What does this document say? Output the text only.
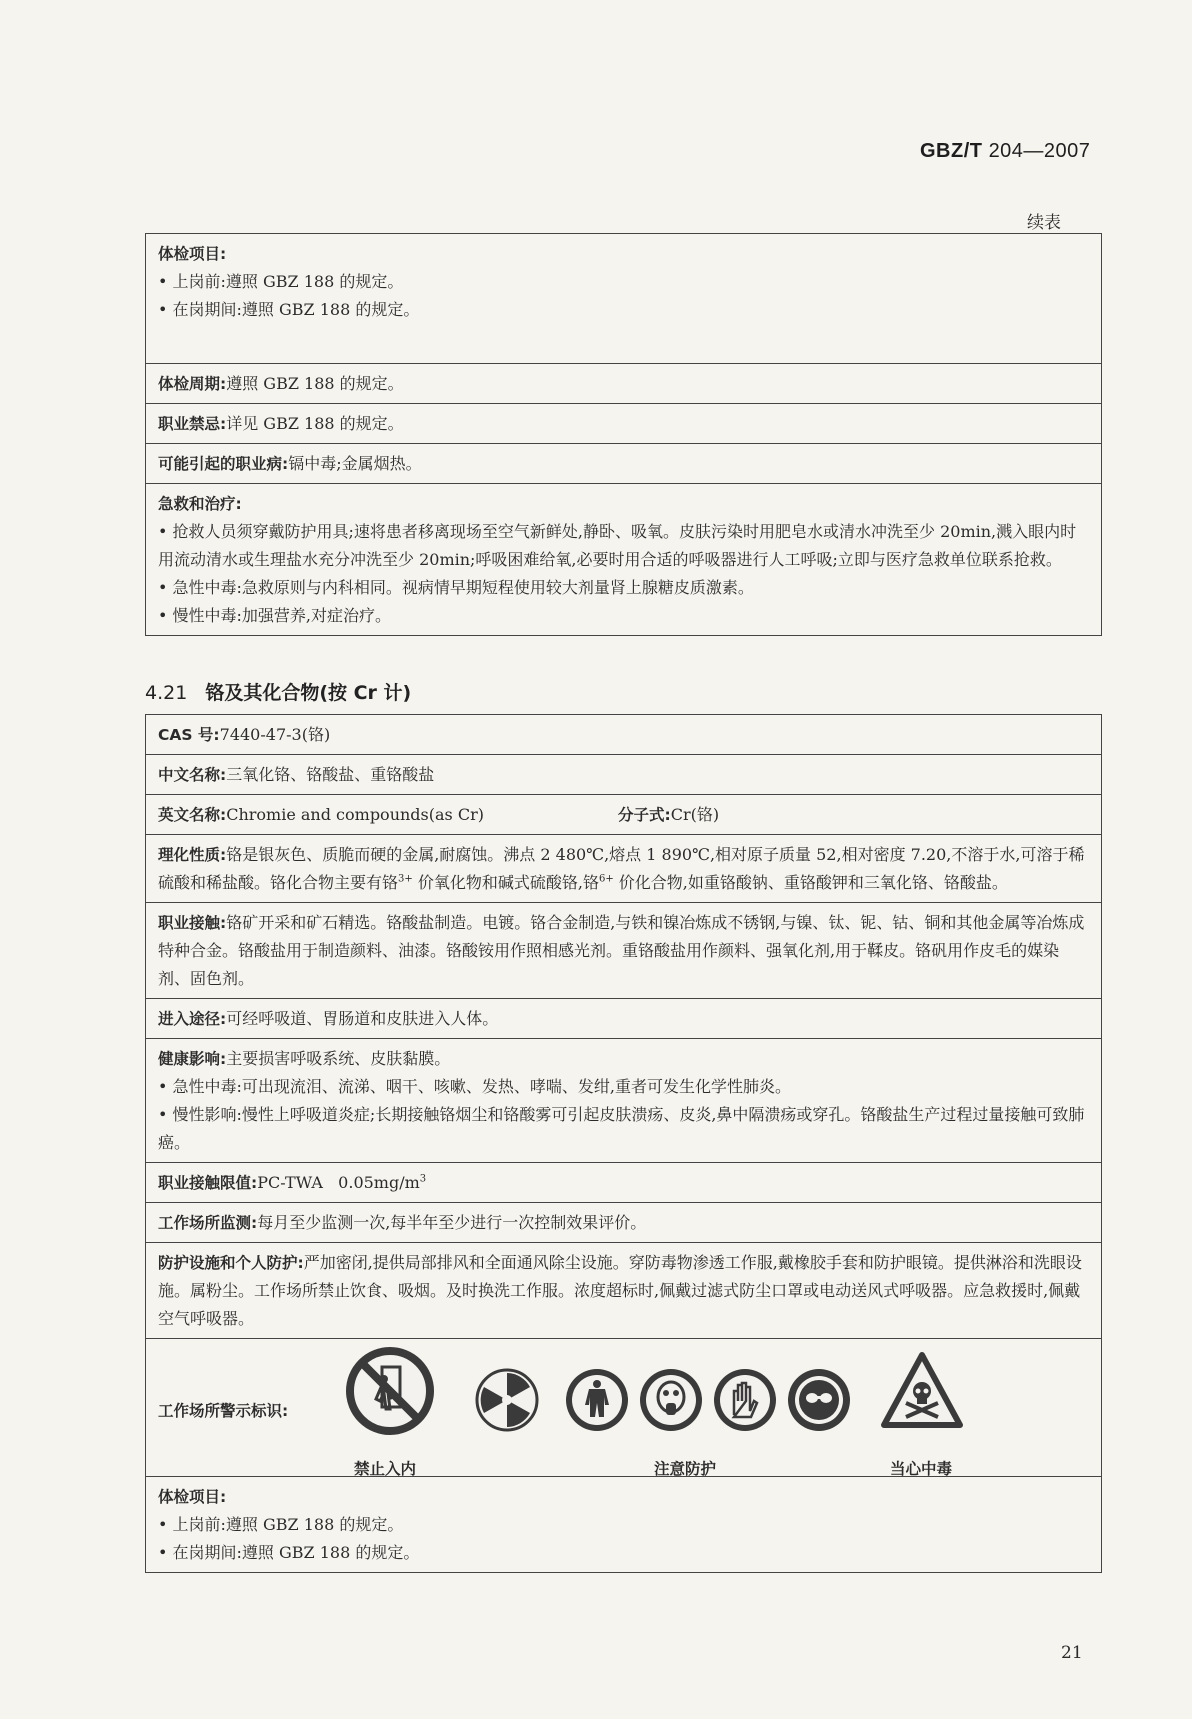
GBZ/T 204—2007
续表
体检项目:
• 上岗前:遵照 GBZ 188 的规定。
• 在岗期间:遵照 GBZ 188 的规定。

体检周期:遵照 GBZ 188 的规定。
职业禁忌:详见 GBZ 188 的规定。
可能引起的职业病:镉中毒;金属烟热。
急救和治疗:
• 抢救人员须穿戴防护用具;速将患者移离现场至空气新鲜处,静卧、吸氧。皮肤污染时用肥皂水或清水冲洗至少 20min,溅入眼内时用流动清水或生理盐水充分冲洗至少 20min;呼吸困难给氧,必要时用合适的呼吸器进行人工呼吸;立即与医疗急救单位联系抢救。
• 急性中毒:急救原则与内科相同。视病情早期短程使用较大剂量肾上腺糖皮质激素。
• 慢性中毒:加强营养,对症治疗。
4.21 铬及其化合物(按 Cr 计)
CAS 号:7440-47-3(铬)
中文名称:三氧化铬、铬酸盐、重铬酸盐
英文名称:Chromie and compounds(as Cr)	分子式:Cr(铬)

理化性质:铬是银灰色、质脆而硬的金属,耐腐蚀。沸点 2 480℃,熔点 1 890℃,相对原子质量 52,相对密度 7.20,不溶于水,可溶于稀硫酸和稀盐酸。铬化合物主要有铬$^{3+}$ 价氧化物和碱式硫酸铬,铬$^{6+}$ 价化合物,如重铬酸钠、重铬酸钾和三氧化铬、铬酸盐。
职业接触:铬矿开采和矿石精选。铬酸盐制造。电镀。铬合金制造,与铁和镍冶炼成不锈钢,与镍、钛、铌、钴、铜和其他金属等冶炼成特种合金。铬酸盐用于制造颜料、油漆。铬酸铵用作照相感光剂。重铬酸盐用作颜料、强氧化剂,用于鞣皮。铬矾用作皮毛的媒染剂、固色剂。
进入途径:可经呼吸道、胃肠道和皮肤进入人体。
健康影响:主要损害呼吸系统、皮肤黏膜。
• 急性中毒:可出现流泪、流涕、咽干、咳嗽、发热、哮喘、发绀,重者可发生化学性肺炎。
• 慢性影响:慢性上呼吸道炎症;长期接触铬烟尘和铬酸雾可引起皮肤溃疡、皮炎,鼻中隔溃疡或穿孔。铬酸盐生产过程过量接触可致肺癌。

职业接触限值:PC-TWA   $0.05mg/m^3$
工作场所监测:每月至少监测一次,每半年至少进行一次控制效果评价。
防护设施和个人防护:严加密闭,提供局部排风和全面通风除尘设施。穿防毒物渗透工作服,戴橡胶手套和防护眼镜。提供淋浴和洗眼设施。属粉尘。工作场所禁止饮食、吸烟。及时换洗工作服。浓度超标时,佩戴过滤式防尘口罩或电动送风式呼吸器。应急救援时,佩戴空气呼吸器。

工作场所警示标识:
禁止入内	注意防护	当心中毒

体检项目:
• 上岗前:遵照 GBZ 188 的规定。
• 在岗期间:遵照 GBZ 188 的规定。
21
